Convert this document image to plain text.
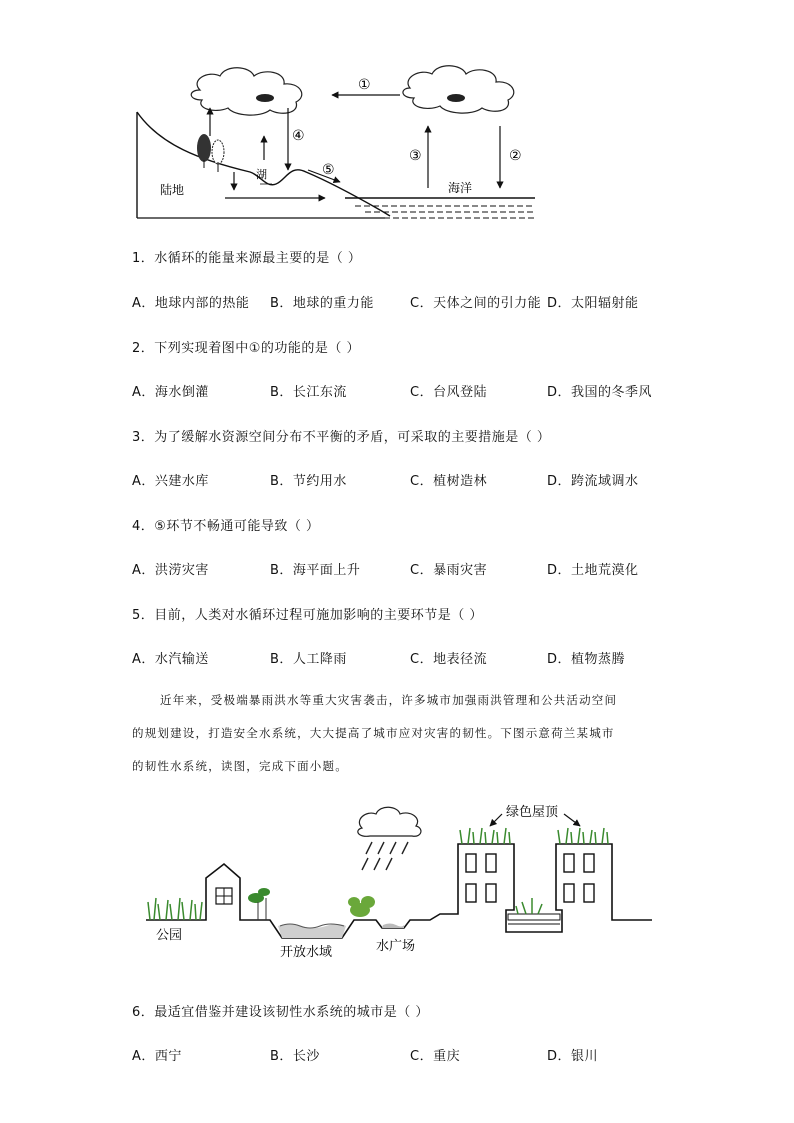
①
③	②
④
湖	⑤
陆地	海洋
1．水循环的能量来源最主要的是（ ）
A．地球内部的热能 B．地球的重力能	C．天体之间的引力能 D．太阳辐射能
2．下列实现着图中①的功能的是（ ）
A．海水倒灌	B．长江东流	C．台风登陆	D．我国的冬季风
3．为了缓解水资源空间分布不平衡的矛盾，可采取的主要措施是（ ）
A．兴建水库	B．节约用水	C．植树造林	D．跨流域调水
4．⑤环节不畅通可能导致（ ）
A．洪涝灾害	B．海平面上升	C．暴雨灾害	D．土地荒漠化
5．目前，人类对水循环过程可施加影响的主要环节是（ ）
A．水汽输送	B．人工降雨	C．地表径流	D．植物蒸腾
近年来，受极端暴雨洪水等重大灾害袭击，许多城市加强雨洪管理和公共活动空间
的规划建设，打造安全水系统，大大提高了城市应对灾害的韧性。下图示意荷兰某城市
的韧性水系统，读图，完成下面小题。
绿色屋顶
公园
开放水域	水广场
6．最适宜借鉴并建设该韧性水系统的城市是（ ）
A．西宁	B．长沙	C．重庆	D．银川
